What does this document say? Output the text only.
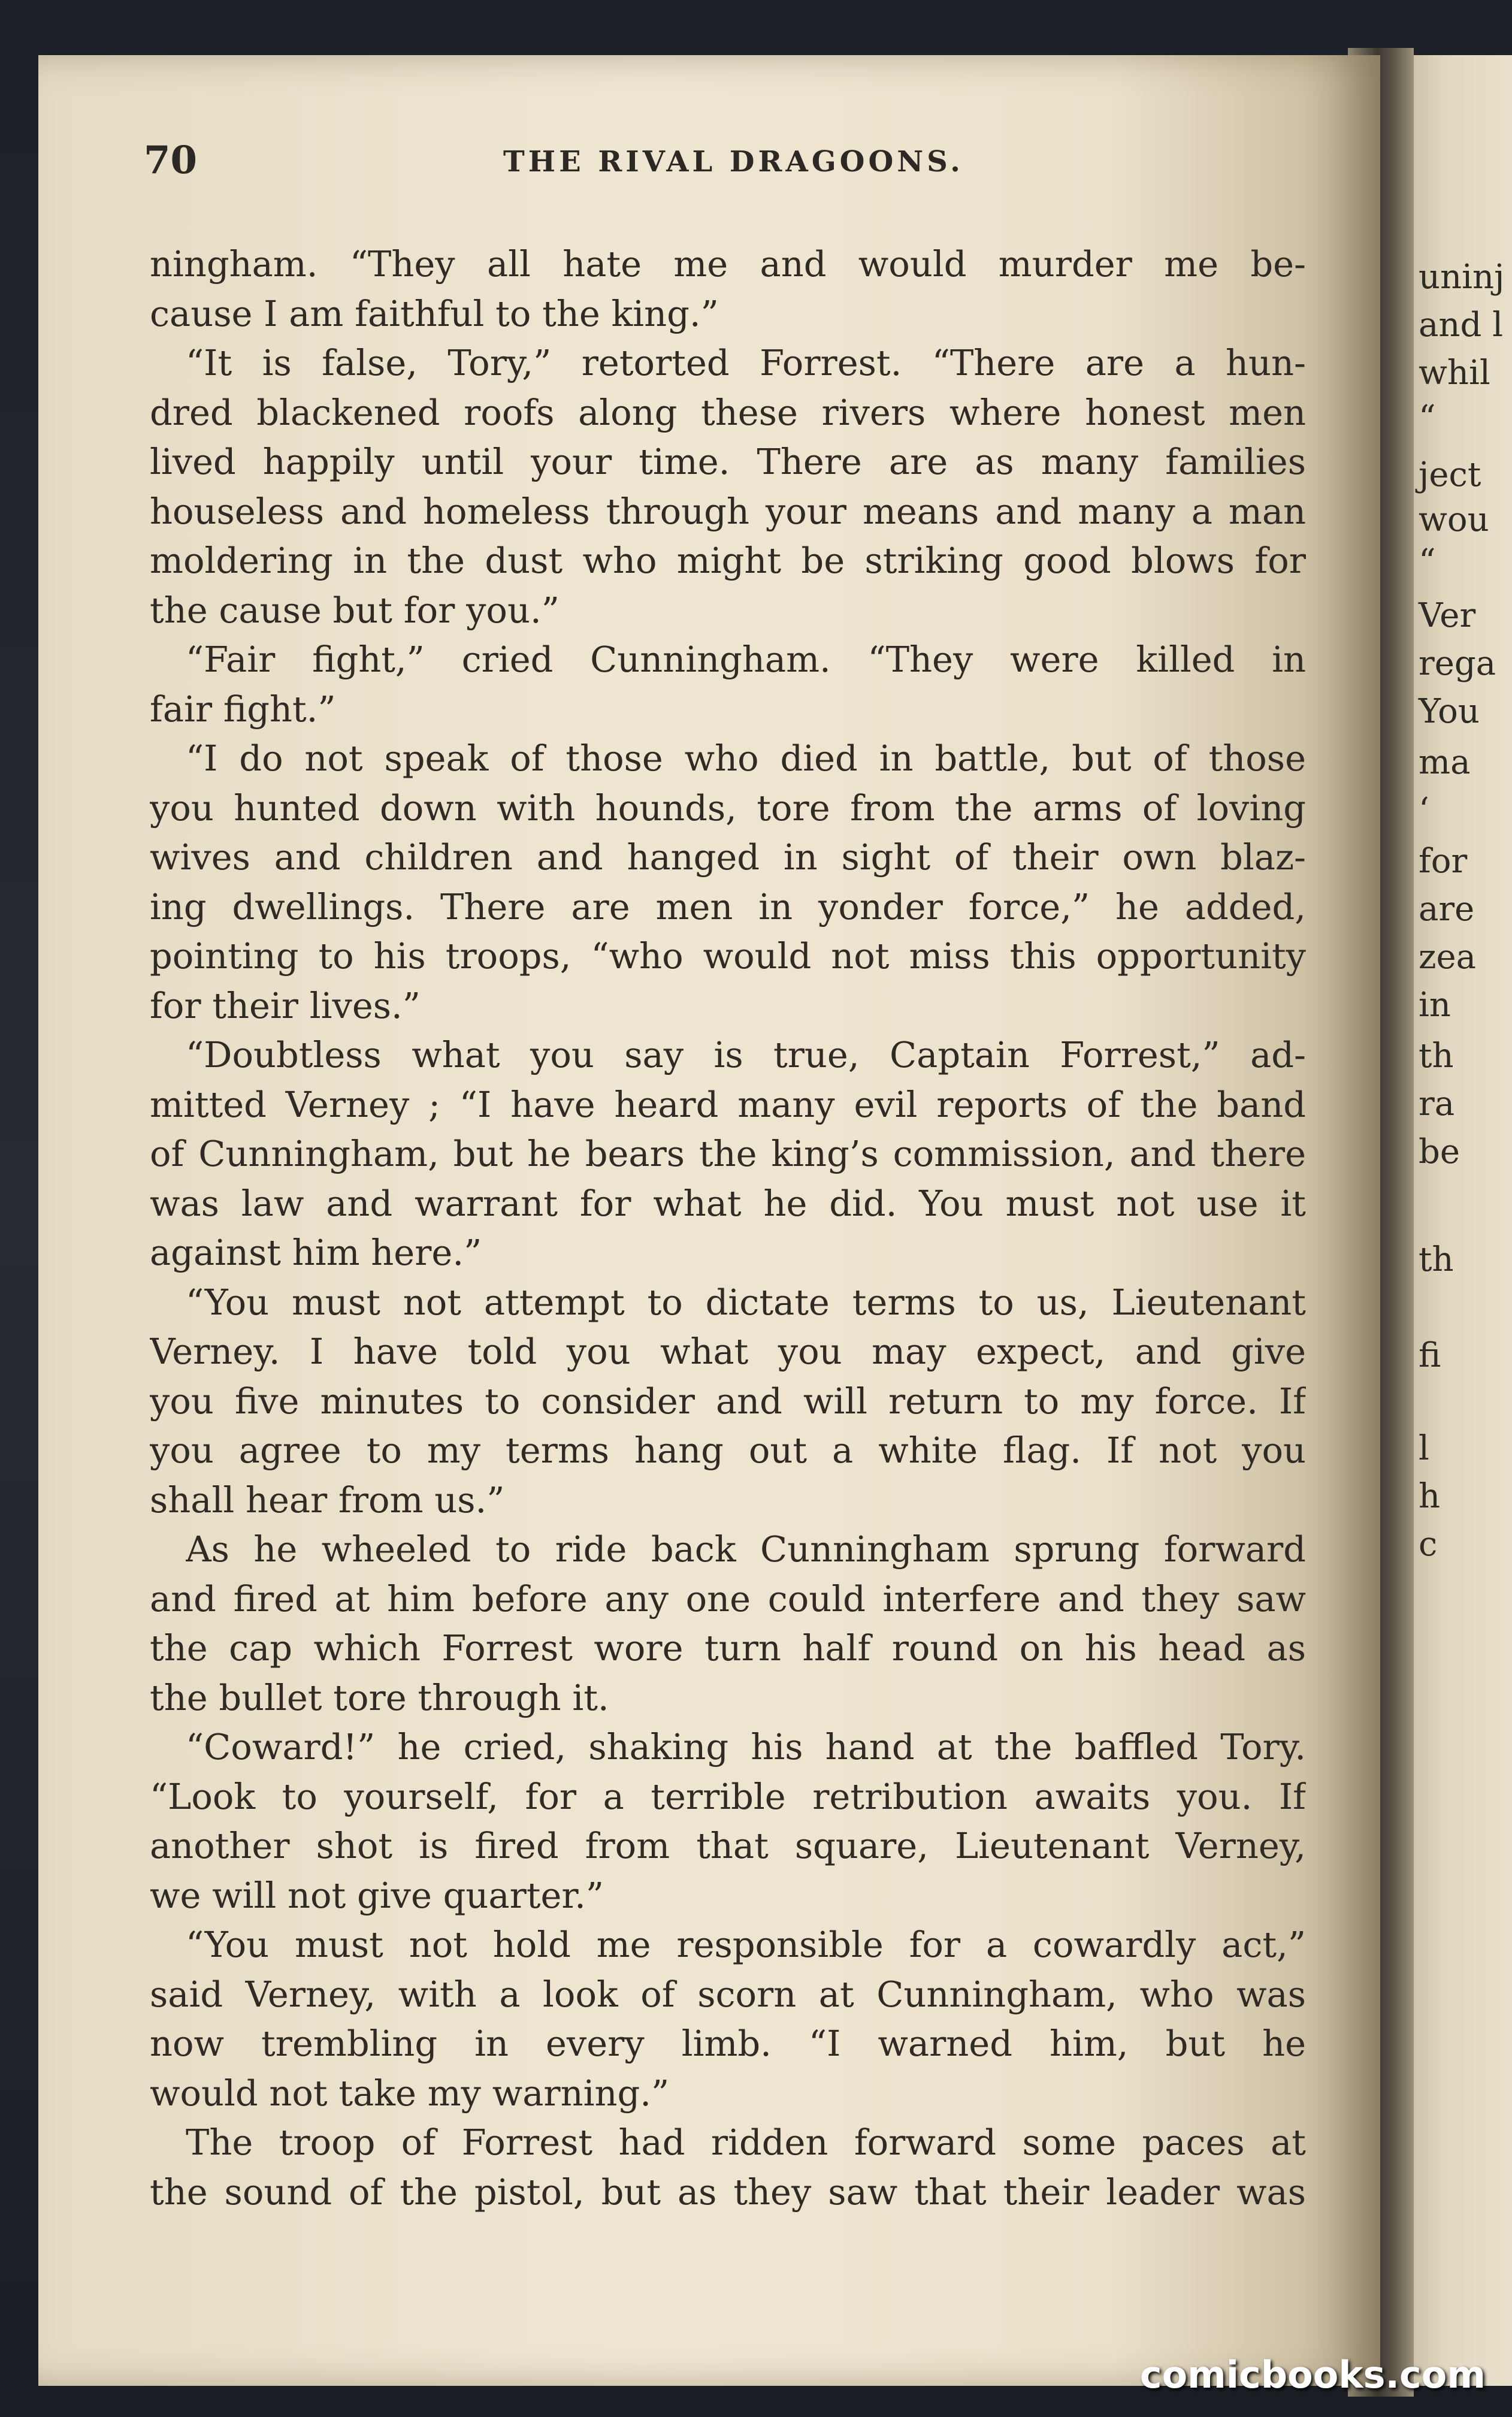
70	THE RIVAL DRAGOONS.
ningham. “They all hate me and would murder me be-
cause I am faithful to the king.”
“It is false, Tory,” retorted Forrest. “There are a hun-
dred blackened roofs along these rivers where honest men
lived happily until your time. There are as many families
houseless and homeless through your means and many a man
moldering in the dust who might be striking good blows for
the cause but for you.”
“Fair fight,” cried Cunningham. “They were killed in
fair fight.”
“I do not speak of those who died in battle, but of those
you hunted down with hounds, tore from the arms of loving
wives and children and hanged in sight of their own blaz-
ing dwellings. There are men in yonder force,” he added,
pointing to his troops, “who would not miss this opportunity
for their lives.”
“Doubtless what you say is true, Captain Forrest,” ad-
mitted Verney ; “I have heard many evil reports of the band
of Cunningham, but he bears the king’s commission, and there
was law and warrant for what he did. You must not use it
against him here.”
“You must not attempt to dictate terms to us, Lieutenant
Verney. I have told you what you may expect, and give
you five minutes to consider and will return to my force. If
you agree to my terms hang out a white flag. If not you
shall hear from us.”
As he wheeled to ride back Cunningham sprung forward
and fired at him before any one could interfere and they saw
the cap which Forrest wore turn half round on his head as
the bullet tore through it.
“Coward!” he cried, shaking his hand at the baffled Tory.
“Look to yourself, for a terrible retribution awaits you. If
another shot is fired from that square, Lieutenant Verney,
we will not give quarter.”
“You must not hold me responsible for a cowardly act,”
said Verney, with a look of scorn at Cunningham, who was
now trembling in every limb. “I warned him, but he
would not take my warning.”
The troop of Forrest had ridden forward some paces at
the sound of the pistol, but as they saw that their leader was
uninj
and l
whil
“
ject
wou
“
Ver
rega
You
ma
‘
for
are
zea
in
th
ra
be
th
fi
l
h
c
comicbooks.com
